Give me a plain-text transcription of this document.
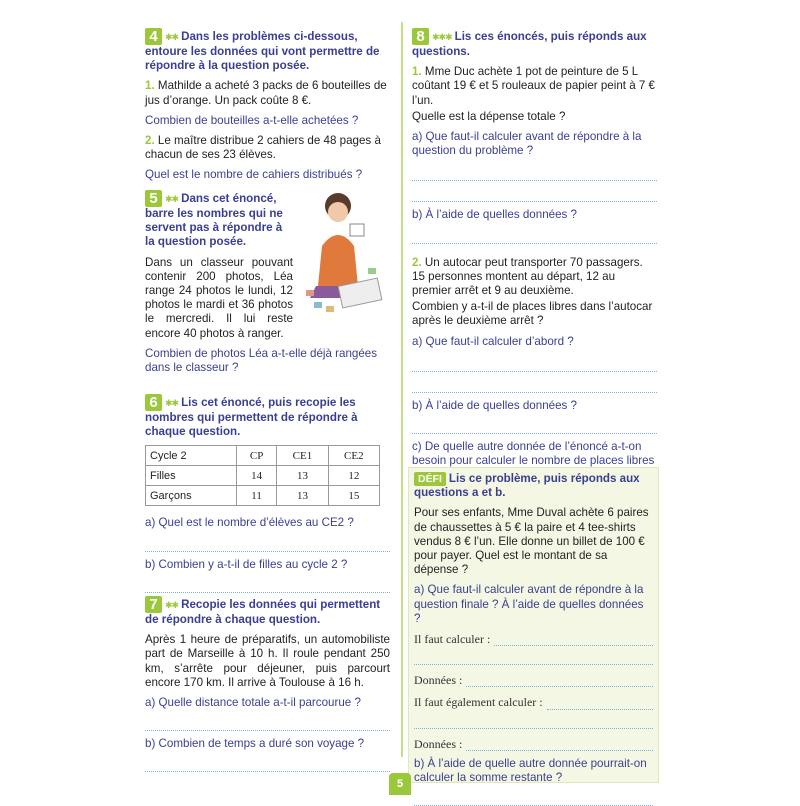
4 ✱✱ Dans les problèmes ci-dessous, entoure les données qui vont permettre de répondre à la question posée.

1. Mathilde a acheté 3 packs de 6 bouteilles de jus d’orange. Un pack coûte 8 €.

Combien de bouteilles a-t-elle achetées ?

2. Le maître distribue 2 cahiers de 48 pages à chacun de ses 23 élèves.

Quel est le nombre de cahiers distribués ?

5 ✱✱ Dans cet énoncé, barre les nombres qui ne servent pas à répondre à la question posée.

Dans un classeur pouvant contenir 200 photos, Léa range 24 photos le lundi, 12 photos le mardi et 36 photos le mercredi. Il lui reste encore 40 photos à ranger.

Combien de photos Léa a-t-elle déjà rangées dans le classeur ?

6 ✱✱ Lis cet énoncé, puis recopie les nombres qui permettent de répondre à chaque question.

Cycle 2	CP	CE1	CE2
Filles	14	13	12
Garçons	11	13	15

a) Quel est le nombre d’élèves au CE2 ?

b) Combien y a-t-il de filles au cycle 2 ?

7 ✱✱ Recopie les données qui permettent de répondre à chaque question.

Après 1 heure de préparatifs, un automobiliste part de Marseille à 10 h. Il roule pendant 250 km, s’arrête pour déjeuner, puis parcourt encore 170 km. Il arrive à Toulouse à 16 h.

a) Quelle distance totale a-t-il parcourue ?

b) Combien de temps a duré son voyage ?

8 ✱✱✱ Lis ces énoncés, puis réponds aux questions.

1. Mme Duc achète 1 pot de peinture de 5 L coûtant 19 € et 5 rouleaux de papier peint à 7 € l’un.

Quelle est la dépense totale ?

a) Que faut-il calculer avant de répondre à la question du problème ?

b) À l’aide de quelles données ?

2. Un autocar peut transporter 70 passagers. 15 personnes montent au départ, 12 au premier arrêt et 9 au deuxième.

Combien y a-t-il de places libres dans l’autocar après le deuxième arrêt ?

a) Que faut-il calculer d’abord ?

b) À l’aide de quelles données ?

c) De quelle autre donnée de l’énoncé a-t-on besoin pour calculer le nombre de places libres

DÉFI Lis ce problème, puis réponds aux questions a et b.

Pour ses enfants, Mme Duval achète 6 paires de chaussettes à 5 € la paire et 4 tee-shirts vendus 8 € l’un. Elle donne un billet de 100 € pour payer. Quel est le montant de sa dépense ?

a) Que faut-il calculer avant de répondre à la question finale ? À l’aide de quelles données ?

Il faut calculer :
Données :
Il faut également calculer :
Données :

b) À l’aide de quelle autre donnée pourrait-on calculer la somme restante ?

5
